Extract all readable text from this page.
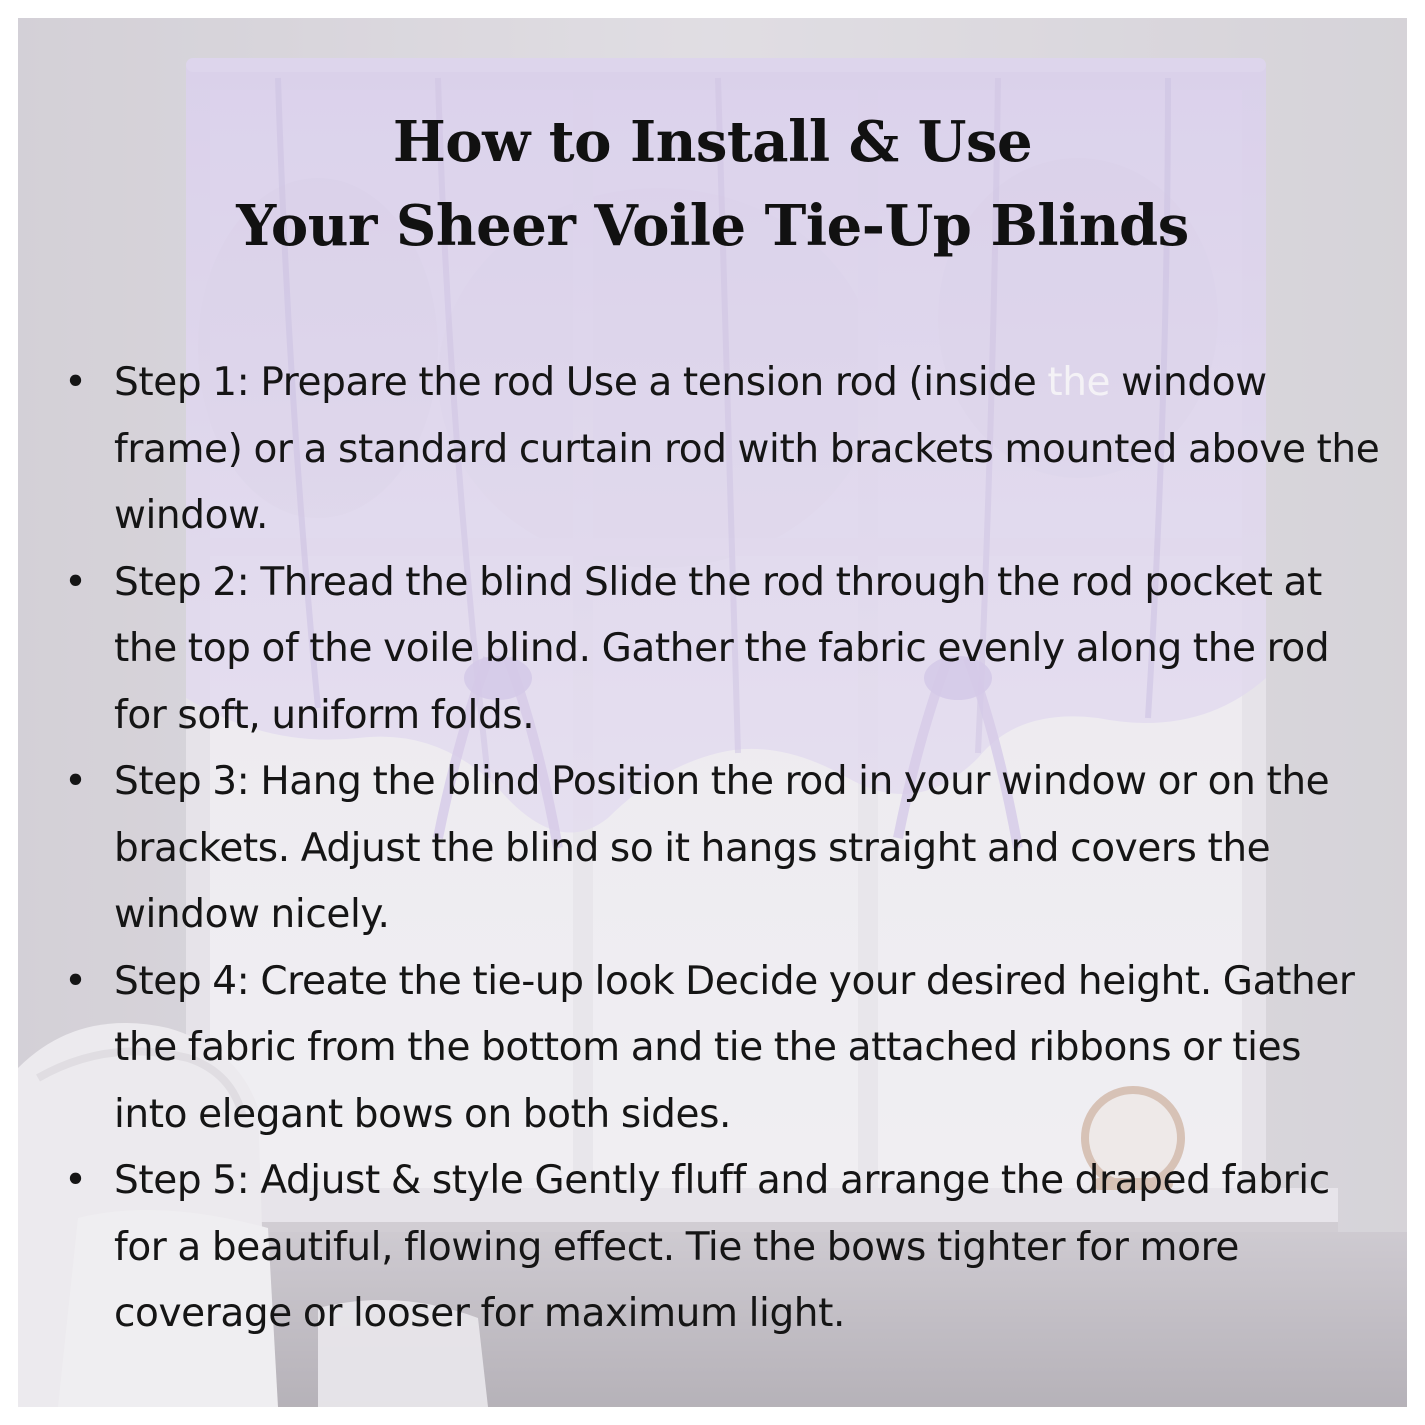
How to Install & Use
Your Sheer Voile Tie-Up Blinds
• Step 1: Prepare the rod Use a tension rod (inside the window frame) or a standard curtain rod with brackets mounted above the window.
• Step 2: Thread the blind Slide the rod through the rod pocket at the top of the voile blind. Gather the fabric evenly along the rod for soft, uniform folds.
• Step 3: Hang the blind Position the rod in your window or on the brackets. Adjust the blind so it hangs straight and covers the window nicely.
• Step 4: Create the tie-up look Decide your desired height. Gather the fabric from the bottom and tie the attached ribbons or ties into elegant bows on both sides.
• Step 5: Adjust & style Gently fluff and arrange the draped fabric for a beautiful, flowing effect. Tie the bows tighter for more coverage or looser for maximum light.
